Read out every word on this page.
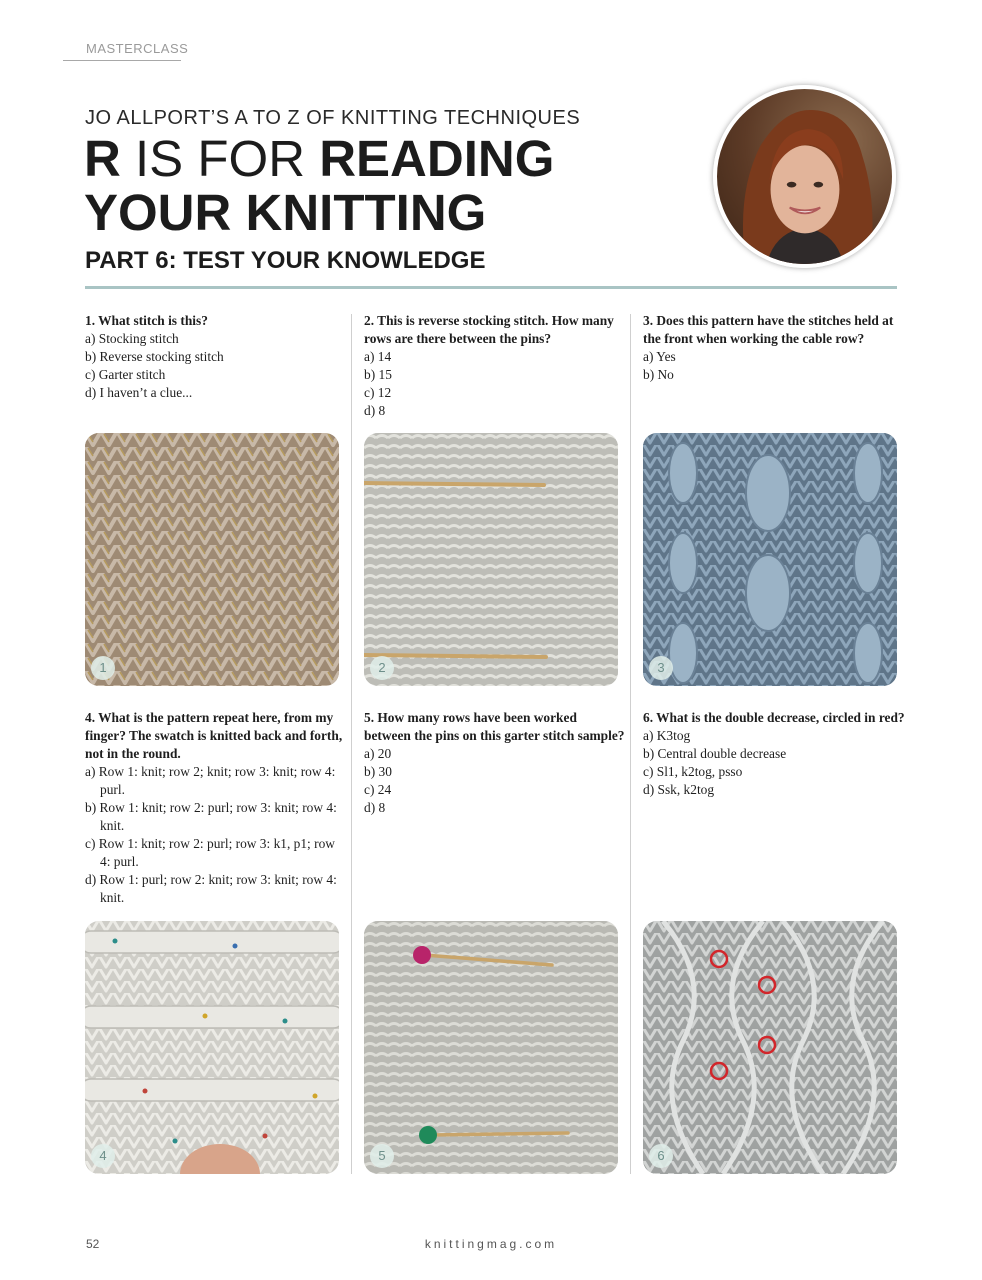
MASTERCLASS
JO ALLPORT’S A TO Z OF KNITTING TECHNIQUES
R IS FOR READING
YOUR KNITTING
PART 6: TEST YOUR KNOWLEDGE

1. What stitch is this?

a) Stocking stitch
b) Reverse stocking stitch
c) Garter stitch
d) I haven’t a clue...

2. This is reverse stocking stitch. How many rows are there between the pins?

a) 14
b) 15
c) 12
d) 8

3. Does this pattern have the stitches held at the front when working the cable row?

a) Yes
b) No
1	2	3

4. What is the pattern repeat here, from my finger? The swatch is knitted back and forth, not in the round.

a) Row 1: knit; row 2; knit; row 3: knit; row 4: purl.
b) Row 1: knit; row 2: purl; row 3: knit; row 4: knit.
c) Row 1: knit; row 2: purl; row 3: k1, p1; row 4: purl.
d) Row 1: purl; row 2: knit; row 3: knit; row 4: knit.

5. How many rows have been worked between the pins on this garter stitch sample?

a) 20
b) 30
c) 24
d) 8

6. What is the double decrease, circled in red?

a) K3tog
b) Central double decrease
c) Sl1, k2tog, psso
d) Ssk, k2tog
4	5	6
52	knittingmag.com
